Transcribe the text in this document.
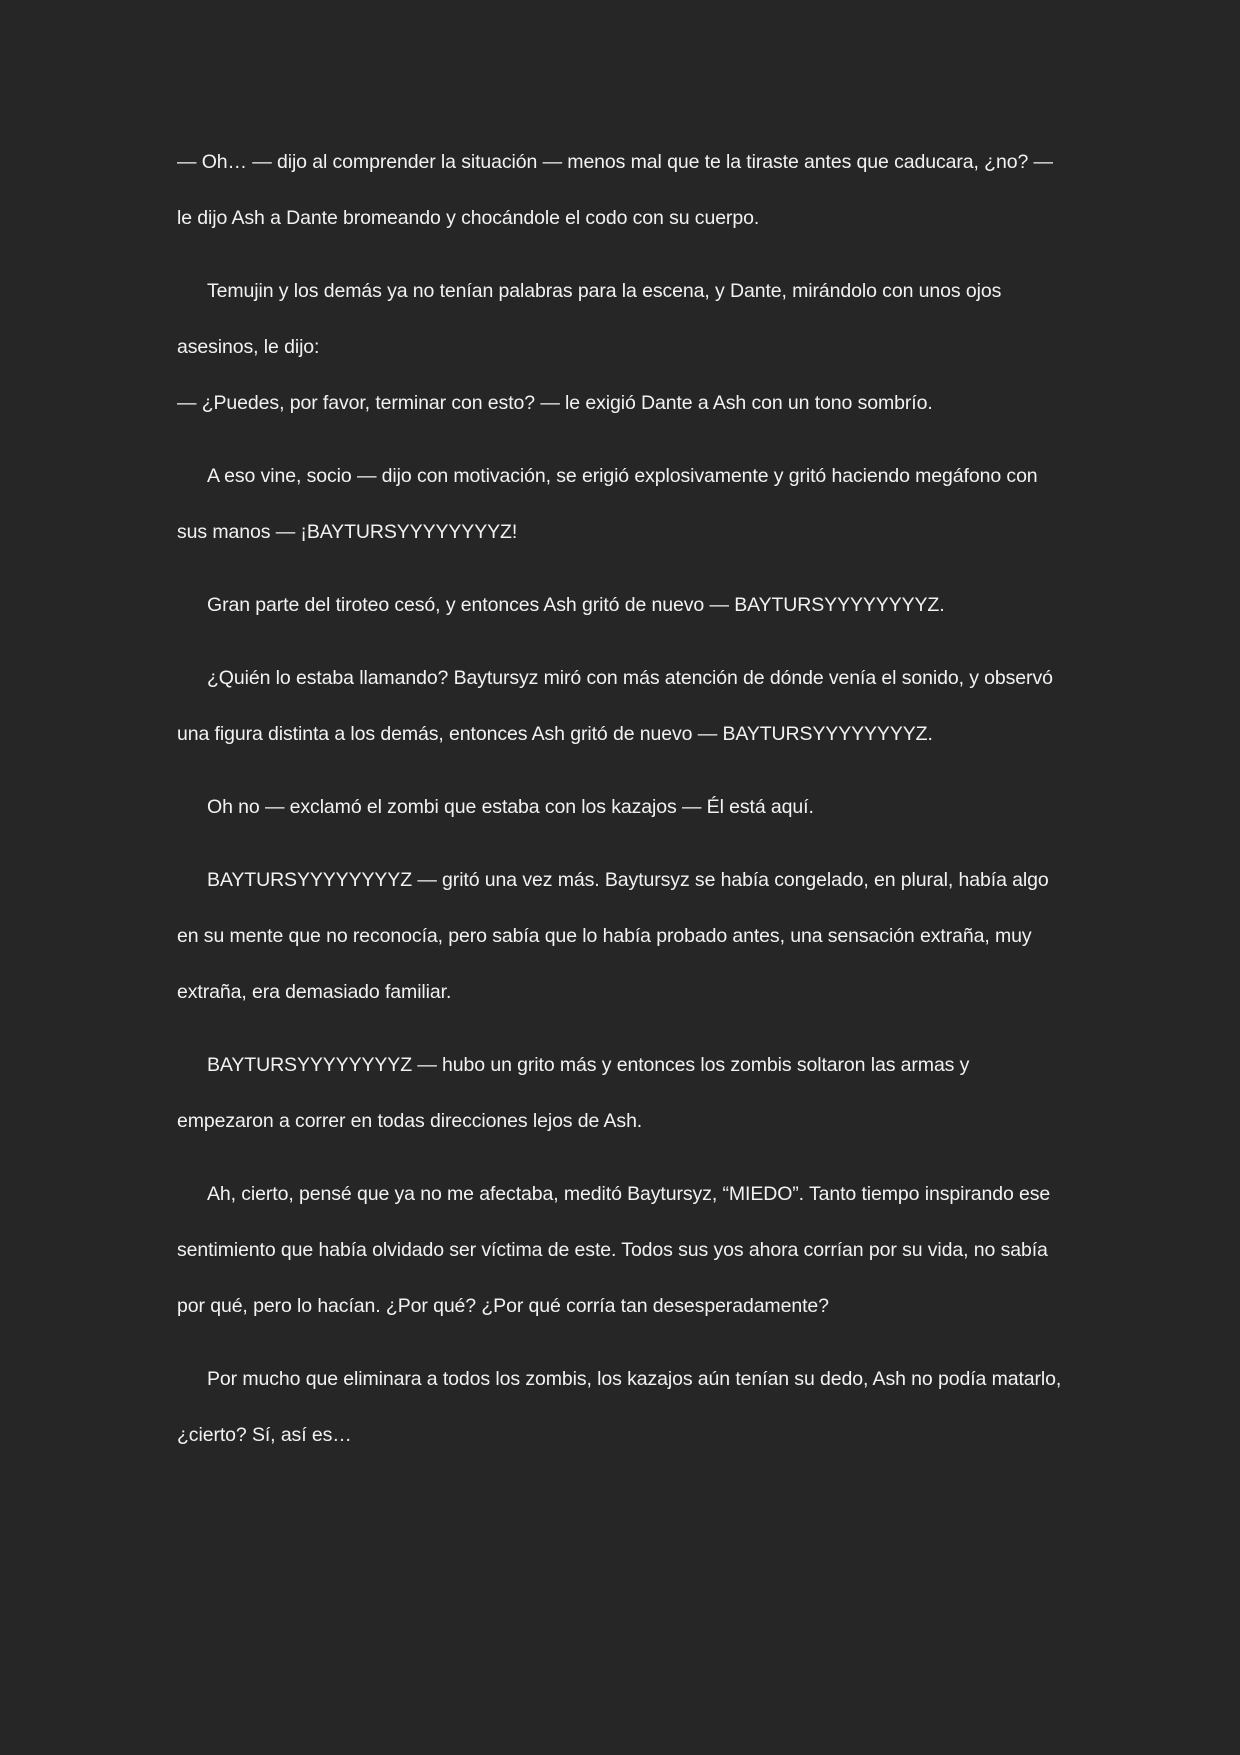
— Oh… — dijo al comprender la situación — menos mal que te la tiraste antes que caducara, ¿no? — le dijo Ash a Dante bromeando y chocándole el codo con su cuerpo.

Temujin y los demás ya no tenían palabras para la escena, y Dante, mirándolo con unos ojos asesinos, le dijo:

— ¿Puedes, por favor, terminar con esto? — le exigió Dante a Ash con un tono sombrío.

A eso vine, socio — dijo con motivación, se erigió explosivamente y gritó haciendo megáfono con sus manos — ¡BAYTURSYYYYYYYYZ!

Gran parte del tiroteo cesó, y entonces Ash gritó de nuevo — BAYTURSYYYYYYYYZ.

¿Quién lo estaba llamando? Baytursyz miró con más atención de dónde venía el sonido, y observó una figura distinta a los demás, entonces Ash gritó de nuevo — BAYTURSYYYYYYYYZ.

Oh no — exclamó el zombi que estaba con los kazajos — Él está aquí.

BAYTURSYYYYYYYYZ — gritó una vez más. Baytursyz se había congelado, en plural, había algo en su mente que no reconocía, pero sabía que lo había probado antes, una sensación extraña, muy extraña, era demasiado familiar.

BAYTURSYYYYYYYYZ — hubo un grito más y entonces los zombis soltaron las armas y empezaron a correr en todas direcciones lejos de Ash.

Ah, cierto, pensé que ya no me afectaba, meditó Baytursyz, “MIEDO”. Tanto tiempo inspirando ese sentimiento que había olvidado ser víctima de este. Todos sus yos ahora corrían por su vida, no sabía por qué, pero lo hacían. ¿Por qué? ¿Por qué corría tan desesperadamente?

Por mucho que eliminara a todos los zombis, los kazajos aún tenían su dedo, Ash no podía matarlo, ¿cierto? Sí, así es…
